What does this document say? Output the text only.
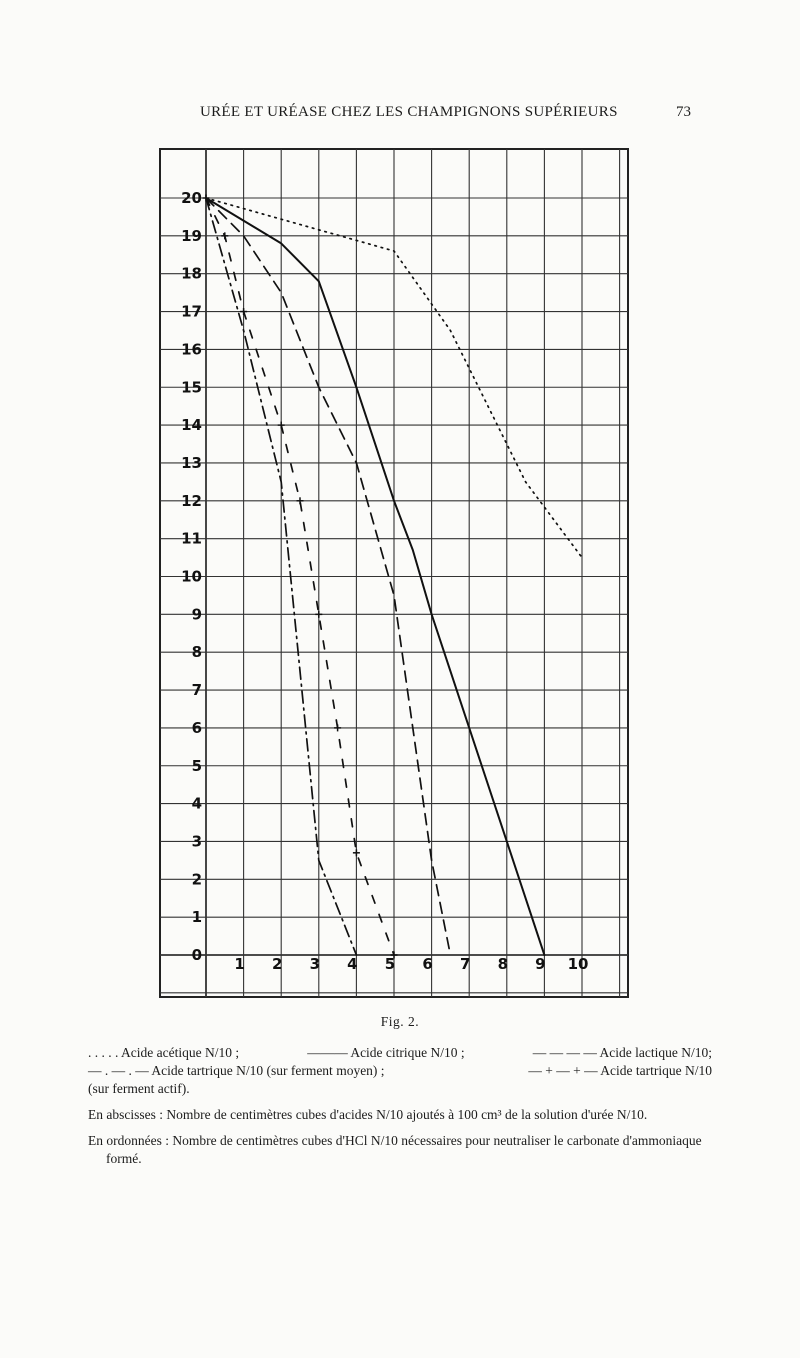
URÉE ET URÉASE CHEZ LES CHAMPIGNONS SUPÉRIEURS	73
0
1
2
3
4
5
6
7
8
9
10
11
12
13
14
15
16
17
18
19
20
1 2 3 4 5 6 7 8 9 10
Fig. 2.

. . . . . Acide acétique N/10 ;	——— Acide citrique N/10 ;	— — — — Acide lactique N/10;

— . — . — Acide tartrique N/10 (sur ferment moyen) ;	— + — + — Acide tartrique N/10

(sur ferment actif).

En abscisses : Nombre de centimètres cubes d'acides N/10 ajoutés à 100 cm³ de la solution d'urée N/10.

En ordonnées : Nombre de centimètres cubes d'HCl N/10 nécessaires pour neutraliser le carbonate d'ammoniaque formé.
